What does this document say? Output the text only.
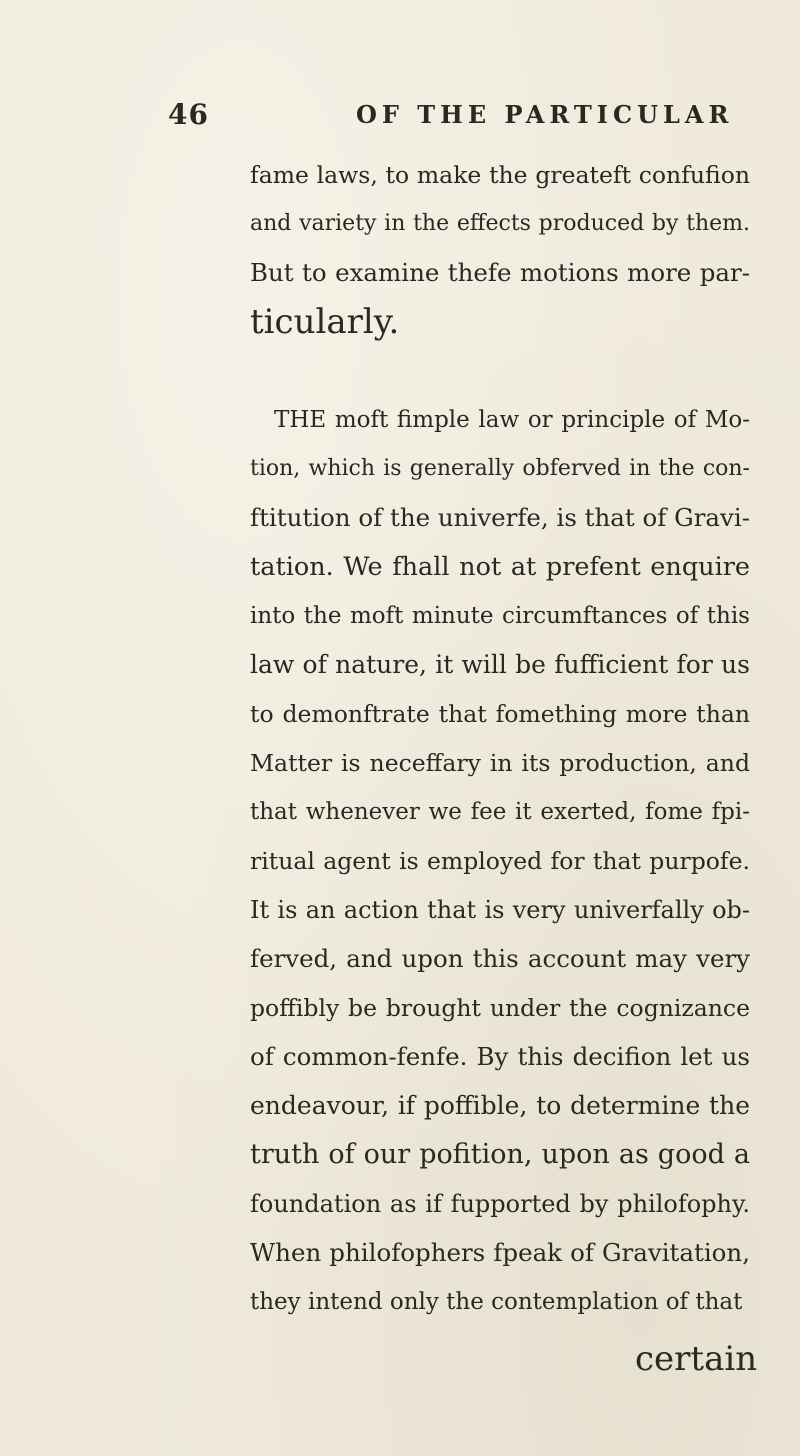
46	OF THE PARTICULAR
fame laws, to make the greateft confufion
and variety in the effects produced by them.
But to examine thefe motions more par-
ticularly.
THE moft fimple law or principle of Mo-
tion, which is generally obferved in the con-
ftitution of the univerfe, is that of Gravi-
tation. We fhall not at prefent enquire
into the moft minute circumftances of this
law of nature, it will be fufficient for us
to demonftrate that fomething more than
Matter is neceffary in its production, and
that whenever we fee it exerted, fome fpi-
ritual agent is employed for that purpofe.
It is an action that is very univerfally ob-
ferved, and upon this account may very
poffibly be brought under the cognizance
of common-fenfe. By this decifion let us
endeavour, if poffible, to determine the
truth of our pofition, upon as good a
foundation as if fupported by philofophy.
When philofophers fpeak of Gravitation,
they intend only the contemplation of that
certain
